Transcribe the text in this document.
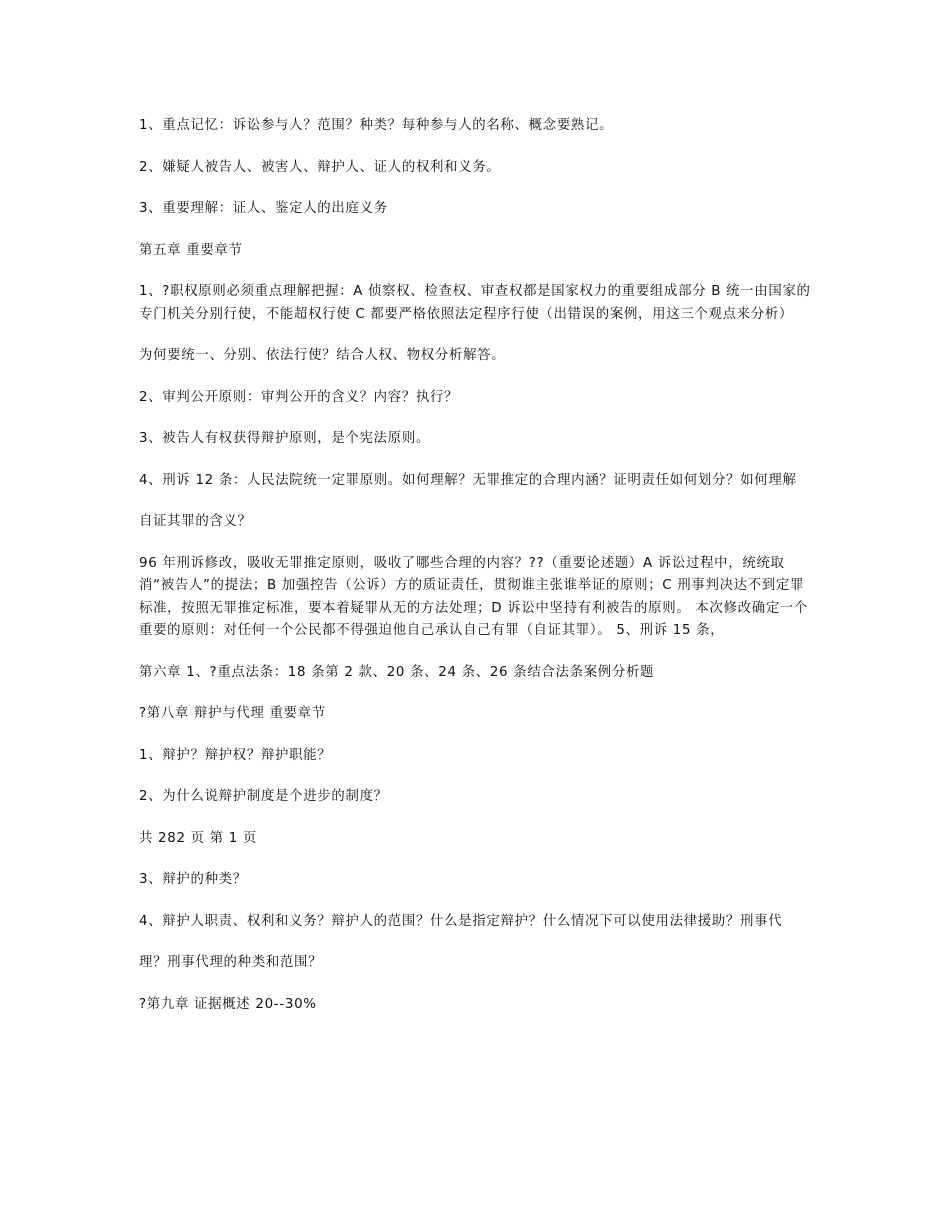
1、重点记忆：诉讼参与人？范围？种类？每种参与人的名称、概念要熟记。

2、嫌疑人被告人、被害人、辩护人、证人的权利和义务。

3、重要理解：证人、鉴定人的出庭义务

第五章 重要章节

1、?职权原则必须重点理解把握：A 侦察权、检查权、审查权都是国家权力的重要组成部分 B 统一由国家的专门机关分别行使，不能超权行使 C 都要严格依照法定程序行使（出错误的案例，用这三个观点来分析）

为何要统一、分别、依法行使？结合人权、物权分析解答。

2、审判公开原则：审判公开的含义？内容？执行？

3、被告人有权获得辩护原则，是个宪法原则。

4、刑诉 12 条：人民法院统一定罪原则。如何理解？无罪推定的合理内涵？证明责任如何划分？如何理解

自证其罪的含义？

96 年刑诉修改，吸收无罪推定原则，吸收了哪些合理的内容？??（重要论述题）A 诉讼过程中，统统取消“被告人”的提法；B 加强控告（公诉）方的质证责任，贯彻谁主张谁举证的原则；C 刑事判决达不到定罪标准，按照无罪推定标准，要本着疑罪从无的方法处理；D 诉讼中坚持有利被告的原则。 本次修改确定一个重要的原则：对任何一个公民都不得强迫他自己承认自己有罪（自证其罪）。 5、刑诉 15 条，

第六章 1、?重点法条：18 条第 2 款、20 条、24 条、26 条结合法条案例分析题

?第八章 辩护与代理 重要章节

1、辩护？辩护权？辩护职能？

2、为什么说辩护制度是个进步的制度？

共 282 页 第 1 页

3、辩护的种类？

4、辩护人职责、权利和义务？辩护人的范围？什么是指定辩护？什么情况下可以使用法律援助？刑事代

理？刑事代理的种类和范围？

?第九章 证据概述 20--30%
